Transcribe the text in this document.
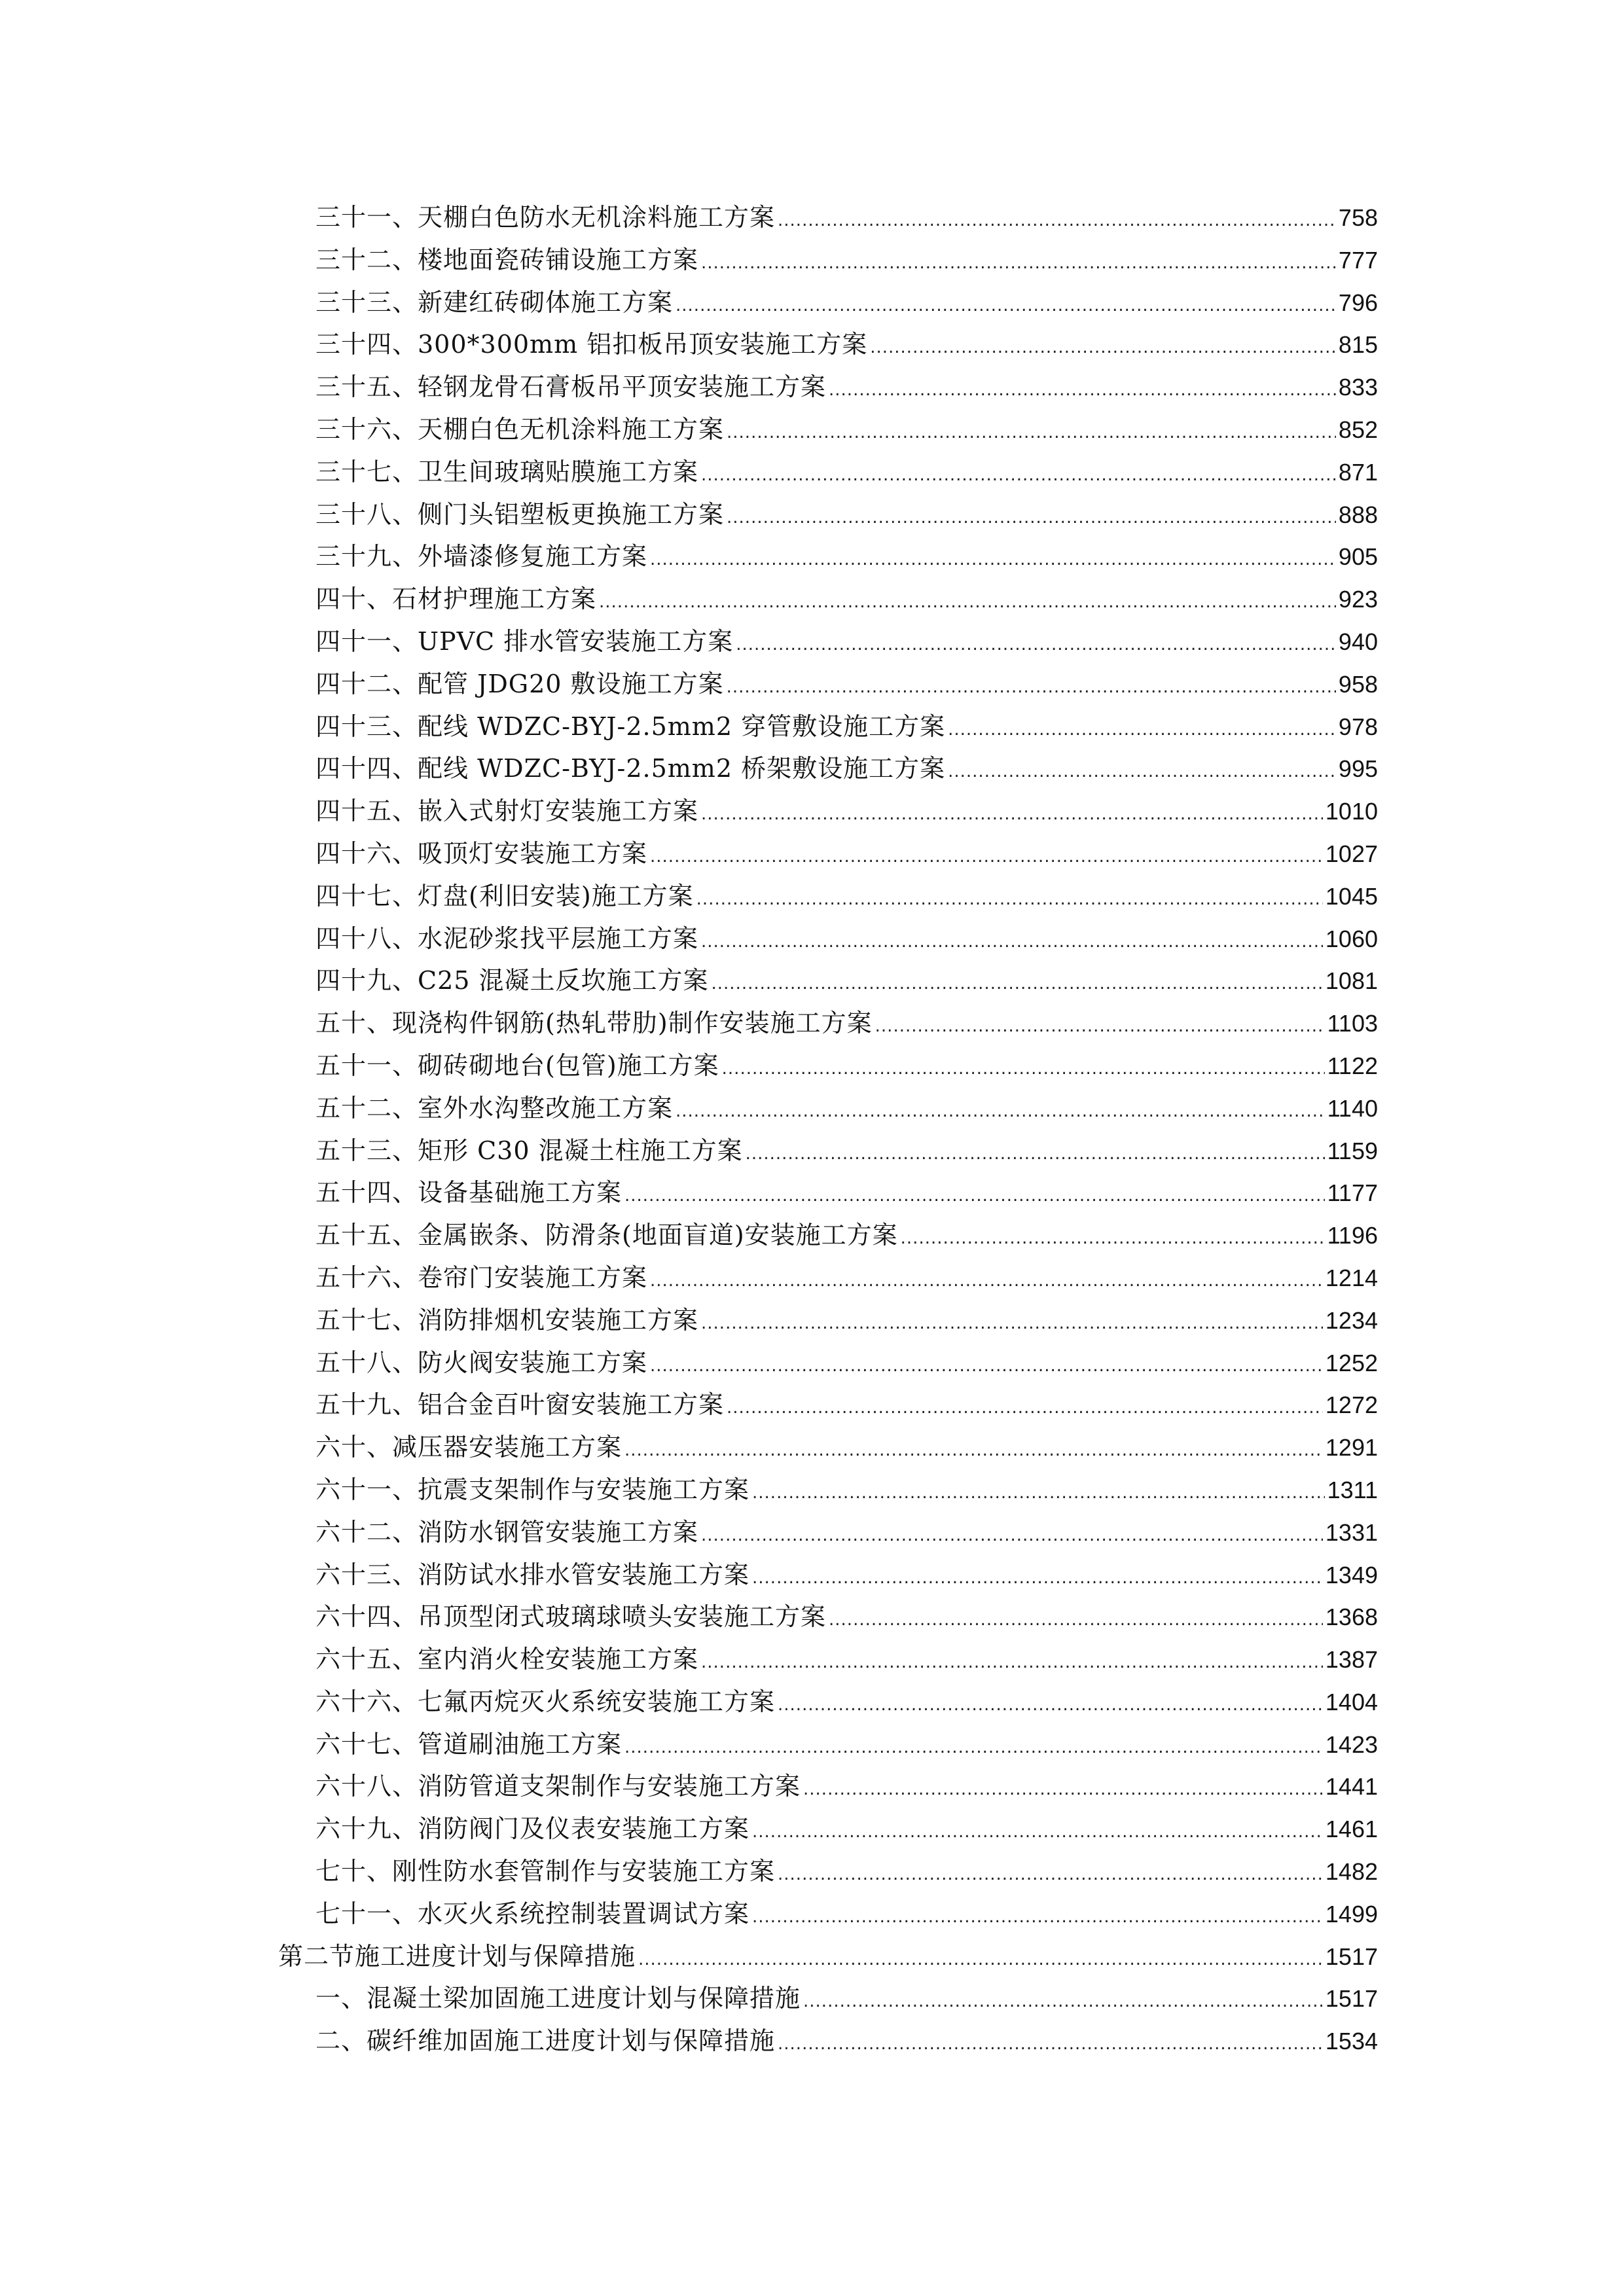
三十一、天棚白色防水无机涂料施工方案 .....	758
三十二、楼地面瓷砖铺设施工方案 .....	777
三十三、新建红砖砌体施工方案 .....	796
三十四、300*300mm 铝扣板吊顶安装施工方案 .....	815
三十五、轻钢龙骨石膏板吊平顶安装施工方案 .....	833
三十六、天棚白色无机涂料施工方案 .....	852
三十七、卫生间玻璃贴膜施工方案 .....	871
三十八、侧门头铝塑板更换施工方案 .....	888
三十九、外墙漆修复施工方案 .....	905
四十、石材护理施工方案 .....	923
四十一、UPVC 排水管安装施工方案 .....	940
四十二、配管 JDG20 敷设施工方案 .....	958
四十三、配线 WDZC-BYJ-2.5mm2 穿管敷设施工方案 .....	978
四十四、配线 WDZC-BYJ-2.5mm2 桥架敷设施工方案 .....	995
四十五、嵌入式射灯安装施工方案 .....	1010
四十六、吸顶灯安装施工方案 .....	1027
四十七、灯盘(利旧安装)施工方案 .....	1045
四十八、水泥砂浆找平层施工方案 .....	1060
四十九、C25 混凝土反坎施工方案 .....	1081
五十、现浇构件钢筋(热轧带肋)制作安装施工方案 .....	1103
五十一、砌砖砌地台(包管)施工方案 .....	1122
五十二、室外水沟整改施工方案 .....	1140
五十三、矩形 C30 混凝土柱施工方案 .....	1159
五十四、设备基础施工方案 .....	1177
五十五、金属嵌条、防滑条(地面盲道)安装施工方案 .....	1196
五十六、卷帘门安装施工方案 .....	1214
五十七、消防排烟机安装施工方案 .....	1234
五十八、防火阀安装施工方案 .....	1252
五十九、铝合金百叶窗安装施工方案 .....	1272
六十、减压器安装施工方案 .....	1291
六十一、抗震支架制作与安装施工方案 .....	1311
六十二、消防水钢管安装施工方案 .....	1331
六十三、消防试水排水管安装施工方案 .....	1349
六十四、吊顶型闭式玻璃球喷头安装施工方案 .....	1368
六十五、室内消火栓安装施工方案 .....	1387
六十六、七氟丙烷灭火系统安装施工方案 .....	1404
六十七、管道刷油施工方案 .....	1423
六十八、消防管道支架制作与安装施工方案 .....	1441
六十九、消防阀门及仪表安装施工方案 .....	1461
七十、刚性防水套管制作与安装施工方案 .....	1482
七十一、水灭火系统控制装置调试方案 .....	1499
第二节施工进度计划与保障措施 .....	1517
一、混凝土梁加固施工进度计划与保障措施 .....	1517
二、碳纤维加固施工进度计划与保障措施 .....	1534
